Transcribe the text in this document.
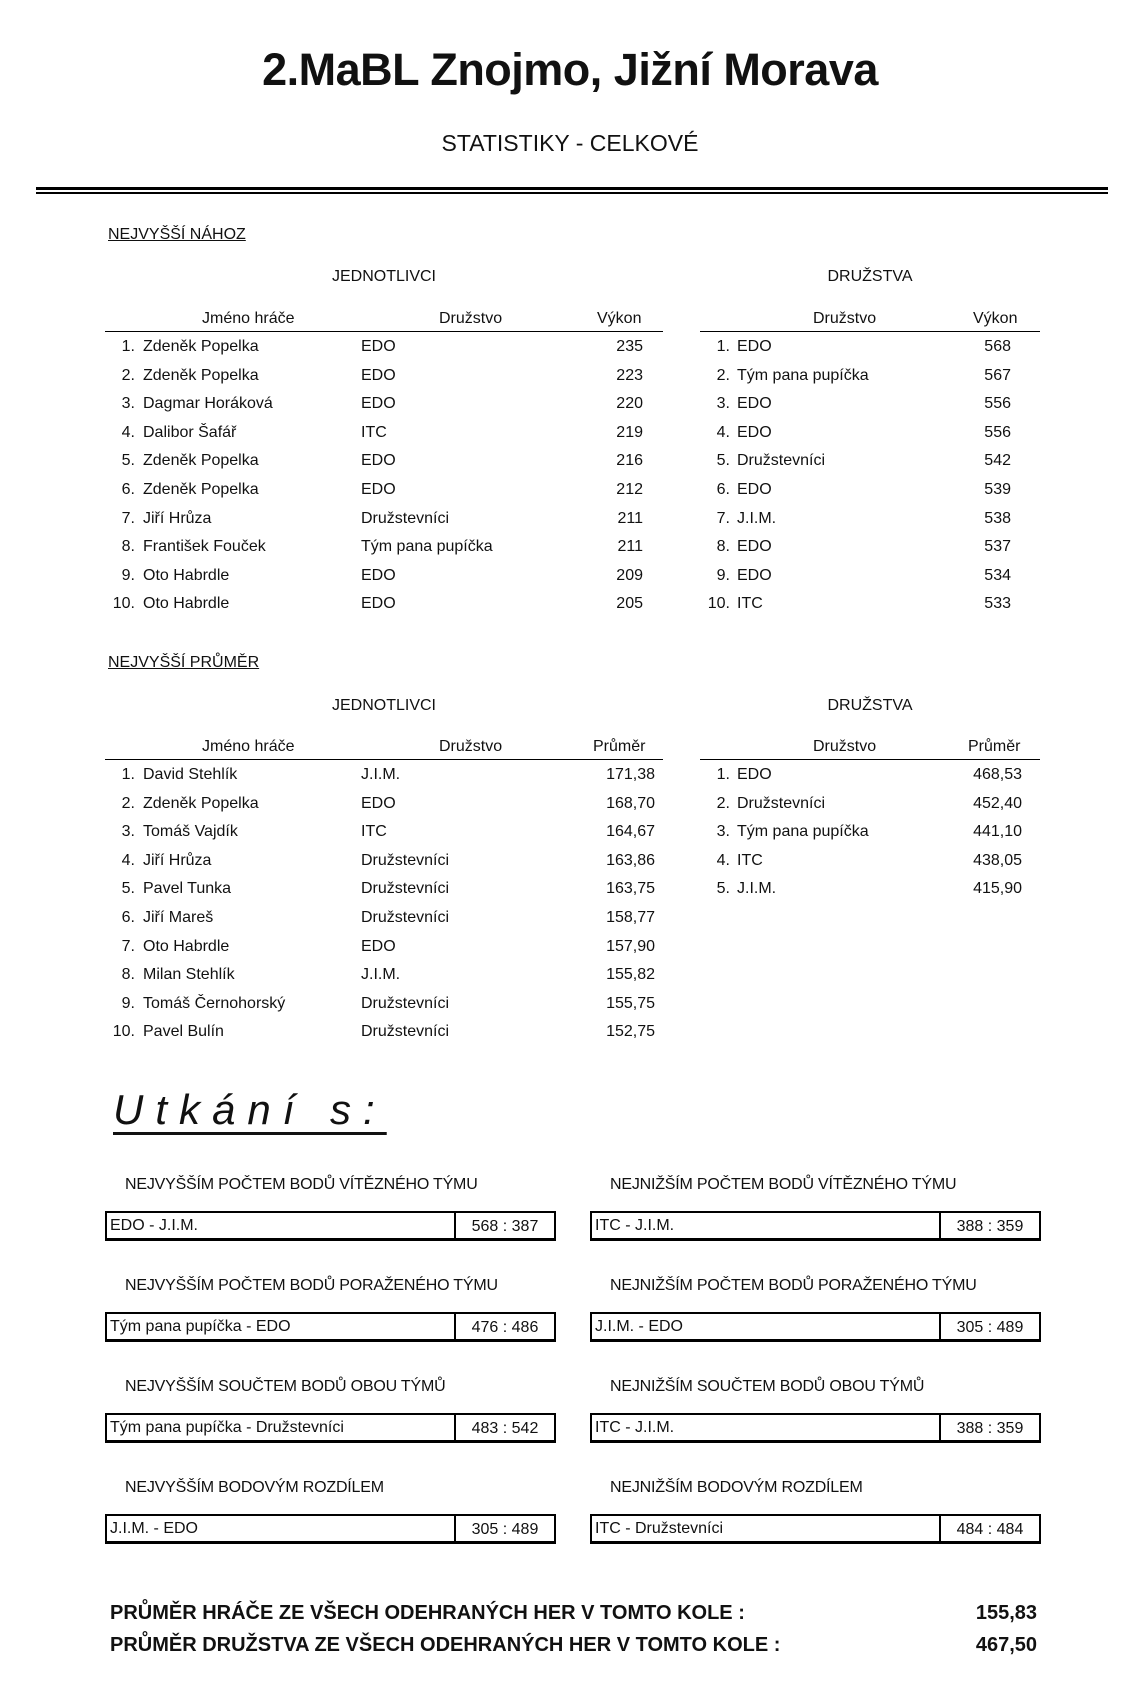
2.MaBL Znojmo, Jižní Morava
STATISTIKY - CELKOVÉ
NEJVYŠŠÍ NÁHOZ
JEDNOTLIVCI	DRUŽSTVA
Jméno hráče	Družstvo	Výkon
1. Zdeněk Popelka	EDO	235
2. Zdeněk Popelka	EDO	223
3. Dagmar Horáková	EDO	220
4. Dalibor Šafář	ITC	219
5. Zdeněk Popelka	EDO	216
6. Zdeněk Popelka	EDO	212
7. Jiří Hrůza	Družstevníci	211
8. František Fouček	Tým pana pupíčka	211
9. Oto Habrdle	EDO	209
10. Oto Habrdle	EDO	205
Družstvo	Výkon
1. EDO	568
2. Tým pana pupíčka	567
3. EDO	556
4. EDO	556
5. Družstevníci	542
6. EDO	539
7. J.I.M.	538
8. EDO	537
9. EDO	534
10. ITC	533
NEJVYŠŠÍ PRŮMĚR
JEDNOTLIVCI	DRUŽSTVA
Jméno hráče	Družstvo	Průměr
1. David Stehlík	J.I.M.	171,38
2. Zdeněk Popelka	EDO	168,70
3. Tomáš Vajdík	ITC	164,67
4. Jiří Hrůza	Družstevníci	163,86
5. Pavel Tunka	Družstevníci	163,75
6. Jiří Mareš	Družstevníci	158,77
7. Oto Habrdle	EDO	157,90
8. Milan Stehlík	J.I.M.	155,82
9. Tomáš Černohorský	Družstevníci	155,75
10. Pavel Bulín	Družstevníci	152,75
Družstvo	Průměr
1. EDO	468,53
2. Družstevníci	452,40
3. Tým pana pupíčka	441,10
4. ITC	438,05
5. J.I.M.	415,90
Utkání s:
NEJVYŠŠÍM POČTEM BODŮ VÍTĚZNÉHO TÝMU
EDO - J.I.M.	568 : 387
NEJNIŽŠÍM POČTEM BODŮ VÍTĚZNÉHO TÝMU
ITC - J.I.M.	388 : 359
NEJVYŠŠÍM POČTEM BODŮ PORAŽENÉHO TÝMU
Tým pana pupíčka - EDO	476 : 486
NEJNIŽŠÍM POČTEM BODŮ PORAŽENÉHO TÝMU
J.I.M. - EDO	305 : 489
NEJVYŠŠÍM SOUČTEM BODŮ OBOU TÝMŮ
Tým pana pupíčka - Družstevníci	483 : 542
NEJNIŽŠÍM SOUČTEM BODŮ OBOU TÝMŮ
ITC - J.I.M.	388 : 359
NEJVYŠŠÍM BODOVÝM ROZDÍLEM
J.I.M. - EDO	305 : 489
NEJNIŽŠÍM BODOVÝM ROZDÍLEM
ITC - Družstevníci	484 : 484
PRŮMĚR HRÁČE ZE VŠECH ODEHRANÝCH HER V TOMTO KOLE :	155,83
PRŮMĚR DRUŽSTVA ZE VŠECH ODEHRANÝCH HER V TOMTO KOLE :	467,50
